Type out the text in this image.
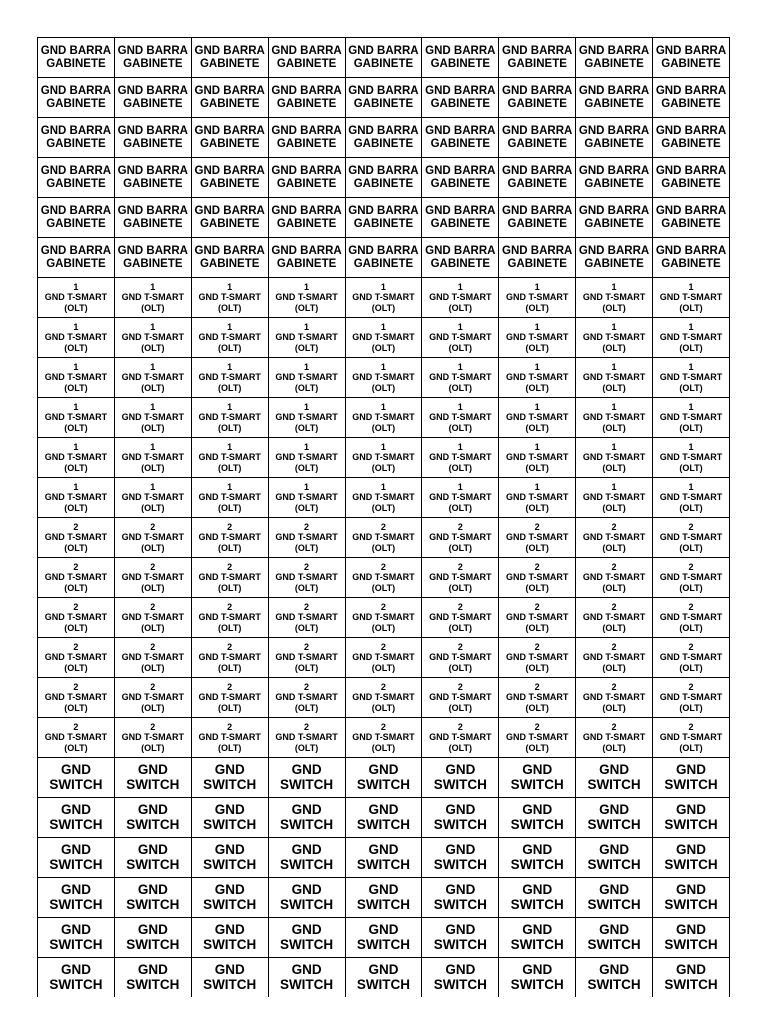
GND BARRA
GABINETE	GND BARRA
GABINETE	GND BARRA
GABINETE	GND BARRA
GABINETE	GND BARRA
GABINETE	GND BARRA
GABINETE	GND BARRA
GABINETE	GND BARRA
GABINETE	GND BARRA
GABINETE

GND BARRA
GABINETE	GND BARRA
GABINETE	GND BARRA
GABINETE	GND BARRA
GABINETE	GND BARRA
GABINETE	GND BARRA
GABINETE	GND BARRA
GABINETE	GND BARRA
GABINETE	GND BARRA
GABINETE

GND BARRA
GABINETE	GND BARRA
GABINETE	GND BARRA
GABINETE	GND BARRA
GABINETE	GND BARRA
GABINETE	GND BARRA
GABINETE	GND BARRA
GABINETE	GND BARRA
GABINETE	GND BARRA
GABINETE

GND BARRA
GABINETE	GND BARRA
GABINETE	GND BARRA
GABINETE	GND BARRA
GABINETE	GND BARRA
GABINETE	GND BARRA
GABINETE	GND BARRA
GABINETE	GND BARRA
GABINETE	GND BARRA
GABINETE

GND BARRA
GABINETE	GND BARRA
GABINETE	GND BARRA
GABINETE	GND BARRA
GABINETE	GND BARRA
GABINETE	GND BARRA
GABINETE	GND BARRA
GABINETE	GND BARRA
GABINETE	GND BARRA
GABINETE

GND BARRA
GABINETE	GND BARRA
GABINETE	GND BARRA
GABINETE	GND BARRA
GABINETE	GND BARRA
GABINETE	GND BARRA
GABINETE	GND BARRA
GABINETE	GND BARRA
GABINETE	GND BARRA
GABINETE

1
GND T-SMART
(OLT)	1
GND T-SMART
(OLT)	1
GND T-SMART
(OLT)	1
GND T-SMART
(OLT)	1
GND T-SMART
(OLT)	1
GND T-SMART
(OLT)	1
GND T-SMART
(OLT)	1
GND T-SMART
(OLT)	1
GND T-SMART
(OLT)

1
GND T-SMART
(OLT)	1
GND T-SMART
(OLT)	1
GND T-SMART
(OLT)	1
GND T-SMART
(OLT)	1
GND T-SMART
(OLT)	1
GND T-SMART
(OLT)	1
GND T-SMART
(OLT)	1
GND T-SMART
(OLT)	1
GND T-SMART
(OLT)

1
GND T-SMART
(OLT)	1
GND T-SMART
(OLT)	1
GND T-SMART
(OLT)	1
GND T-SMART
(OLT)	1
GND T-SMART
(OLT)	1
GND T-SMART
(OLT)	1
GND T-SMART
(OLT)	1
GND T-SMART
(OLT)	1
GND T-SMART
(OLT)

1
GND T-SMART
(OLT)	1
GND T-SMART
(OLT)	1
GND T-SMART
(OLT)	1
GND T-SMART
(OLT)	1
GND T-SMART
(OLT)	1
GND T-SMART
(OLT)	1
GND T-SMART
(OLT)	1
GND T-SMART
(OLT)	1
GND T-SMART
(OLT)

1
GND T-SMART
(OLT)	1
GND T-SMART
(OLT)	1
GND T-SMART
(OLT)	1
GND T-SMART
(OLT)	1
GND T-SMART
(OLT)	1
GND T-SMART
(OLT)	1
GND T-SMART
(OLT)	1
GND T-SMART
(OLT)	1
GND T-SMART
(OLT)

1
GND T-SMART
(OLT)	1
GND T-SMART
(OLT)	1
GND T-SMART
(OLT)	1
GND T-SMART
(OLT)	1
GND T-SMART
(OLT)	1
GND T-SMART
(OLT)	1
GND T-SMART
(OLT)	1
GND T-SMART
(OLT)	1
GND T-SMART
(OLT)

2
GND T-SMART
(OLT)	2
GND T-SMART
(OLT)	2
GND T-SMART
(OLT)	2
GND T-SMART
(OLT)	2
GND T-SMART
(OLT)	2
GND T-SMART
(OLT)	2
GND T-SMART
(OLT)	2
GND T-SMART
(OLT)	2
GND T-SMART
(OLT)

2
GND T-SMART
(OLT)	2
GND T-SMART
(OLT)	2
GND T-SMART
(OLT)	2
GND T-SMART
(OLT)	2
GND T-SMART
(OLT)	2
GND T-SMART
(OLT)	2
GND T-SMART
(OLT)	2
GND T-SMART
(OLT)	2
GND T-SMART
(OLT)

2
GND T-SMART
(OLT)	2
GND T-SMART
(OLT)	2
GND T-SMART
(OLT)	2
GND T-SMART
(OLT)	2
GND T-SMART
(OLT)	2
GND T-SMART
(OLT)	2
GND T-SMART
(OLT)	2
GND T-SMART
(OLT)	2
GND T-SMART
(OLT)

2
GND T-SMART
(OLT)	2
GND T-SMART
(OLT)	2
GND T-SMART
(OLT)	2
GND T-SMART
(OLT)	2
GND T-SMART
(OLT)	2
GND T-SMART
(OLT)	2
GND T-SMART
(OLT)	2
GND T-SMART
(OLT)	2
GND T-SMART
(OLT)

2
GND T-SMART
(OLT)	2
GND T-SMART
(OLT)	2
GND T-SMART
(OLT)	2
GND T-SMART
(OLT)	2
GND T-SMART
(OLT)	2
GND T-SMART
(OLT)	2
GND T-SMART
(OLT)	2
GND T-SMART
(OLT)	2
GND T-SMART
(OLT)

2
GND T-SMART
(OLT)	2
GND T-SMART
(OLT)	2
GND T-SMART
(OLT)	2
GND T-SMART
(OLT)	2
GND T-SMART
(OLT)	2
GND T-SMART
(OLT)	2
GND T-SMART
(OLT)	2
GND T-SMART
(OLT)	2
GND T-SMART
(OLT)

GND
SWITCH	GND
SWITCH	GND
SWITCH	GND
SWITCH	GND
SWITCH	GND
SWITCH	GND
SWITCH	GND
SWITCH	GND
SWITCH

GND
SWITCH	GND
SWITCH	GND
SWITCH	GND
SWITCH	GND
SWITCH	GND
SWITCH	GND
SWITCH	GND
SWITCH	GND
SWITCH

GND
SWITCH	GND
SWITCH	GND
SWITCH	GND
SWITCH	GND
SWITCH	GND
SWITCH	GND
SWITCH	GND
SWITCH	GND
SWITCH

GND
SWITCH	GND
SWITCH	GND
SWITCH	GND
SWITCH	GND
SWITCH	GND
SWITCH	GND
SWITCH	GND
SWITCH	GND
SWITCH

GND
SWITCH	GND
SWITCH	GND
SWITCH	GND
SWITCH	GND
SWITCH	GND
SWITCH	GND
SWITCH	GND
SWITCH	GND
SWITCH

GND
SWITCH	GND
SWITCH	GND
SWITCH	GND
SWITCH	GND
SWITCH	GND
SWITCH	GND
SWITCH	GND
SWITCH	GND
SWITCH
